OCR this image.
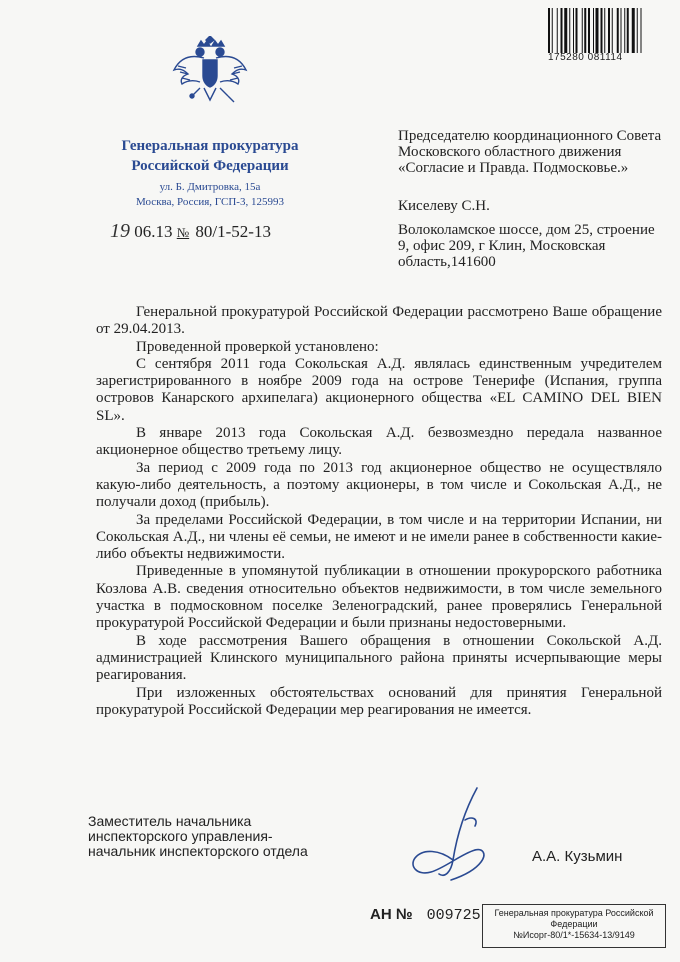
175280 081114
Генеральная прокуратура
Российской Федерации
ул. Б. Дмитровка, 15а
Москва, Россия, ГСП-3, 125993
19 06.13 № 80/1-52-13
Председателю координационного Совета Московского областного движения «Согласие и Правда. Подмосковье.»
Киселеву С.Н.
Волоколамское шоссе, дом 25, строение 9, офис 209, г Клин, Московская область,141600

Генеральной прокуратурой Российской Федерации рассмотрено Ваше обращение от 29.04.2013.

Проведенной проверкой установлено:

С сентября 2011 года Сокольская А.Д. являлась единственным учредителем зарегистрированного в ноябре 2009 года на острове Тенерифе (Испания, группа островов Канарского архипелага) акционерного общества «EL CAMINO DEL BIEN SL».

В январе 2013 года Сокольская А.Д. безвозмездно передала названное акционерное общество третьему лицу.

За период с 2009 года по 2013 год акционерное общество не осуществляло какую-либо деятельность, а поэтому акционеры, в том числе и Сокольская А.Д., не получали доход (прибыль).

За пределами Российской Федерации, в том числе и на территории Испании, ни Сокольская А.Д., ни члены её семьи, не имеют и не имели ранее в собственности какие-либо объекты недвижимости.

Приведенные в упомянутой публикации в отношении прокурорского работника Козлова А.В. сведения относительно объектов недвижимости, в том числе земельного участка в подмосковном поселке Зеленоградский, ранее проверялись Генеральной прокуратурой Российской Федерации и были признаны недостоверными.

В ходе рассмотрения Вашего обращения в отношении Сокольской А.Д. администрацией Клинского муниципального района приняты исчерпывающие меры реагирования.

При изложенных обстоятельствах оснований для принятия Генеральной прокуратурой Российской Федерации мер реагирования не имеется.

Заместитель начальника
инспекторского управления-
начальник инспекторского отдела	А.А. Кузьмин
АН № 009725	Генеральная прокуратура Российской
Федерации
№Исорг-80/1*-15634-13/9149
